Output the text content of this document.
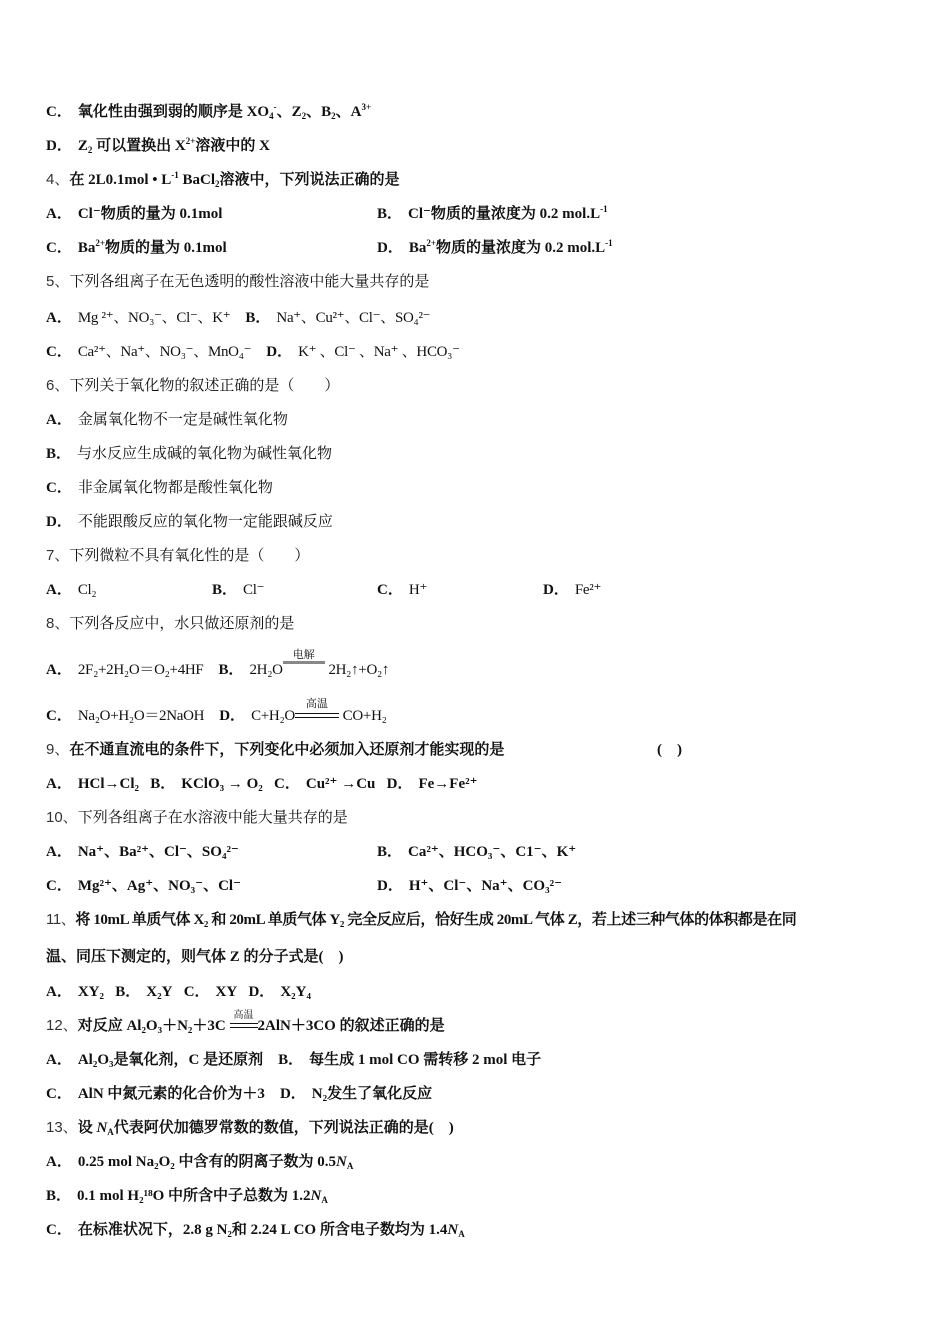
C． 氧化性由强到弱的顺序是 $XO_4^-$、$Z_2$、$B_2$、$A^{3+}$
D． $Z_2$ 可以置换出 $X^{2+}$溶液中的 X
4、在 2L0.1mol • $L^{-1}$ BaCl$_2$溶液中，下列说法正确的是
A． Cl⁻物质的量为 0.1mol	B． Cl⁻物质的量浓度为 0.2 $mol.L^{-1}$
C． $Ba^{2+}$物质的量为 0.1mol	D． $Ba^{2+}$物质的量浓度为 0.2 $mol.L^{-1}$
5、下列各组离子在无色透明的酸性溶液中能大量共存的是
A． Mg ²⁺、NO₃⁻、Cl⁻、K⁺ B． Na⁺、Cu²⁺、Cl⁻、SO₄²⁻
C． Ca²⁺、Na⁺、NO₃⁻、MnO₄⁻ D． K⁺ 、Cl⁻ 、Na⁺ 、HCO₃⁻
6、下列关于氧化物的叙述正确的是（　　）
A． 金属氧化物不一定是碱性氧化物
B． 与水反应生成碱的氧化物为碱性氧化物
C． 非金属氧化物都是酸性氧化物
D． 不能跟酸反应的氧化物一定能跟碱反应
7、下列微粒不具有氧化性的是（　　）
A． Cl₂	B． Cl⁻	C． H⁺	D． Fe²⁺
8、下列各反应中，水只做还原剂的是
A． 2F₂+2H₂O＝O₂+4HF B． 2H₂O
电解
2H₂↑+O₂↑
C． Na₂O+H₂O＝2NaOH D． C+H₂O
高温
CO+H₂
9、在不通直流电的条件下，下列变化中必须加入还原剂才能实现的是	(　)
A． HCl→Cl₂ B． KClO₃ → O₂ C． Cu²⁺ →Cu D． Fe→Fe²⁺
10、下列各组离子在水溶液中能大量共存的是
A． Na⁺、Ba²⁺、Cl⁻、SO₄²⁻	B． Ca²⁺、HCO₃⁻、C1⁻、K⁺
C． Mg²⁺、Ag⁺、NO₃⁻、Cl⁻	D． H⁺、Cl⁻、Na⁺、CO₃²⁻
11、将 10mL 单质气体 X₂ 和 20mL 单质气体 Y₂ 完全反应后，恰好生成 20mL 气体 Z，若上述三种气体的体积都是在同
温、同压下测定的，则气体 Z 的分子式是(　)
A． XY₂ B． X₂Y C． XY D． X₂Y₄
12、对反应 Al₂O₃＋N₂＋3C
高温
2AlN＋3CO 的叙述正确的是
A． Al₂O₃是氧化剂，C 是还原剂 B． 每生成 1 mol CO 需转移 2 mol 电子
C． AlN 中氮元素的化合价为＋3 D． N₂发生了氧化反应
13、设 $N_A$代表阿伏加德罗常数的数值，下列说法正确的是(　)
A． 0.25 mol Na₂O₂ 中含有的阴离子数为 $0.5N_A$
B． 0.1 mol H₂¹⁸O 中所含中子总数为 $1.2N_A$
C． 在标准状况下，2.8 g N₂和 2.24 L CO 所含电子数均为 $1.4N_A$
